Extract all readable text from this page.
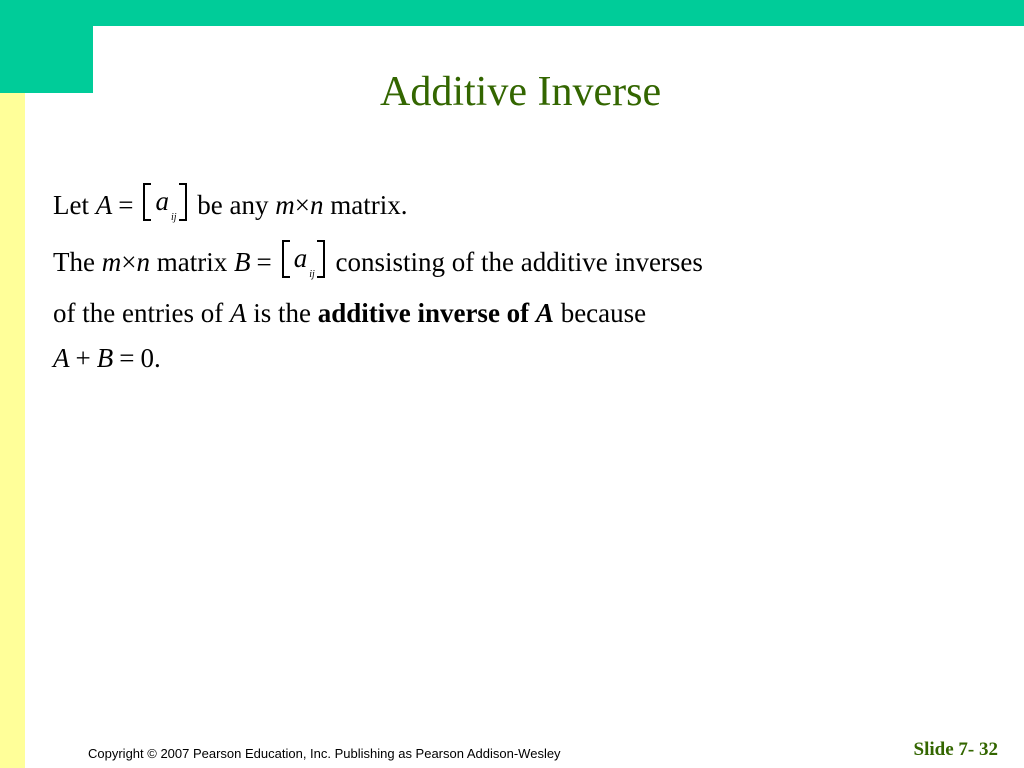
Additive Inverse
Let $A = a_{ij}$ be any m×n matrix.
The m×n matrix $B = a_{ij}$ consisting of the additive inverses
of the entries of A is the additive inverse of A because
A + B = 0.
Copyright © 2007 Pearson Education, Inc. Publishing as Pearson Addison-Wesley	Slide 7- 32
